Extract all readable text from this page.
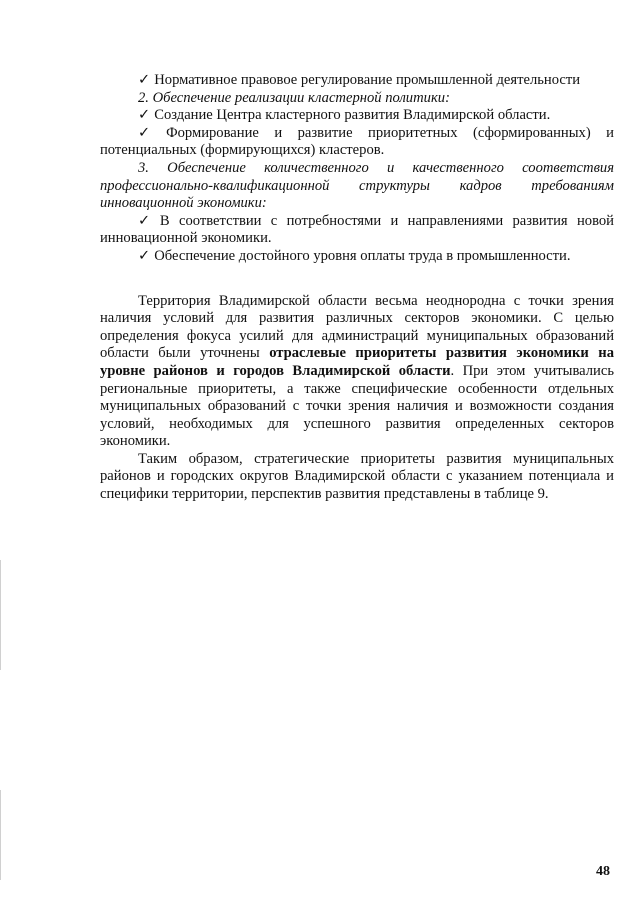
✓ Нормативное правовое регулирование промышленной деятельности

2. Обеспечение реализации кластерной политики:

✓ Создание Центра кластерного развития Владимирской области.

✓ Формирование и развитие приоритетных (сформированных) и потенциальных (формирующихся) кластеров.

3. Обеспечение количественного и качественного соответствия профессионально-квалификационной структуры кадров требованиям инновационной экономики:

✓ В соответствии с потребностями и направлениями развития новой инновационной экономики.

✓ Обеспечение достойного уровня оплаты труда в промышленности.

Территория Владимирской области весьма неоднородна с точки зрения наличия условий для развития различных секторов экономики. С целью определения фокуса усилий для администраций муниципальных образований области были уточнены отраслевые приоритеты развития экономики на уровне районов и городов Владимирской области. При этом учитывались региональные приоритеты, а также специфические особенности отдельных муниципальных образований с точки зрения наличия и возможности создания условий, необходимых для успешного развития определенных секторов экономики.

Таким образом, стратегические приоритеты развития муниципальных районов и городских округов Владимирской области с указанием потенциала и специфики территории, перспектив развития представлены в таблице 9.

48
